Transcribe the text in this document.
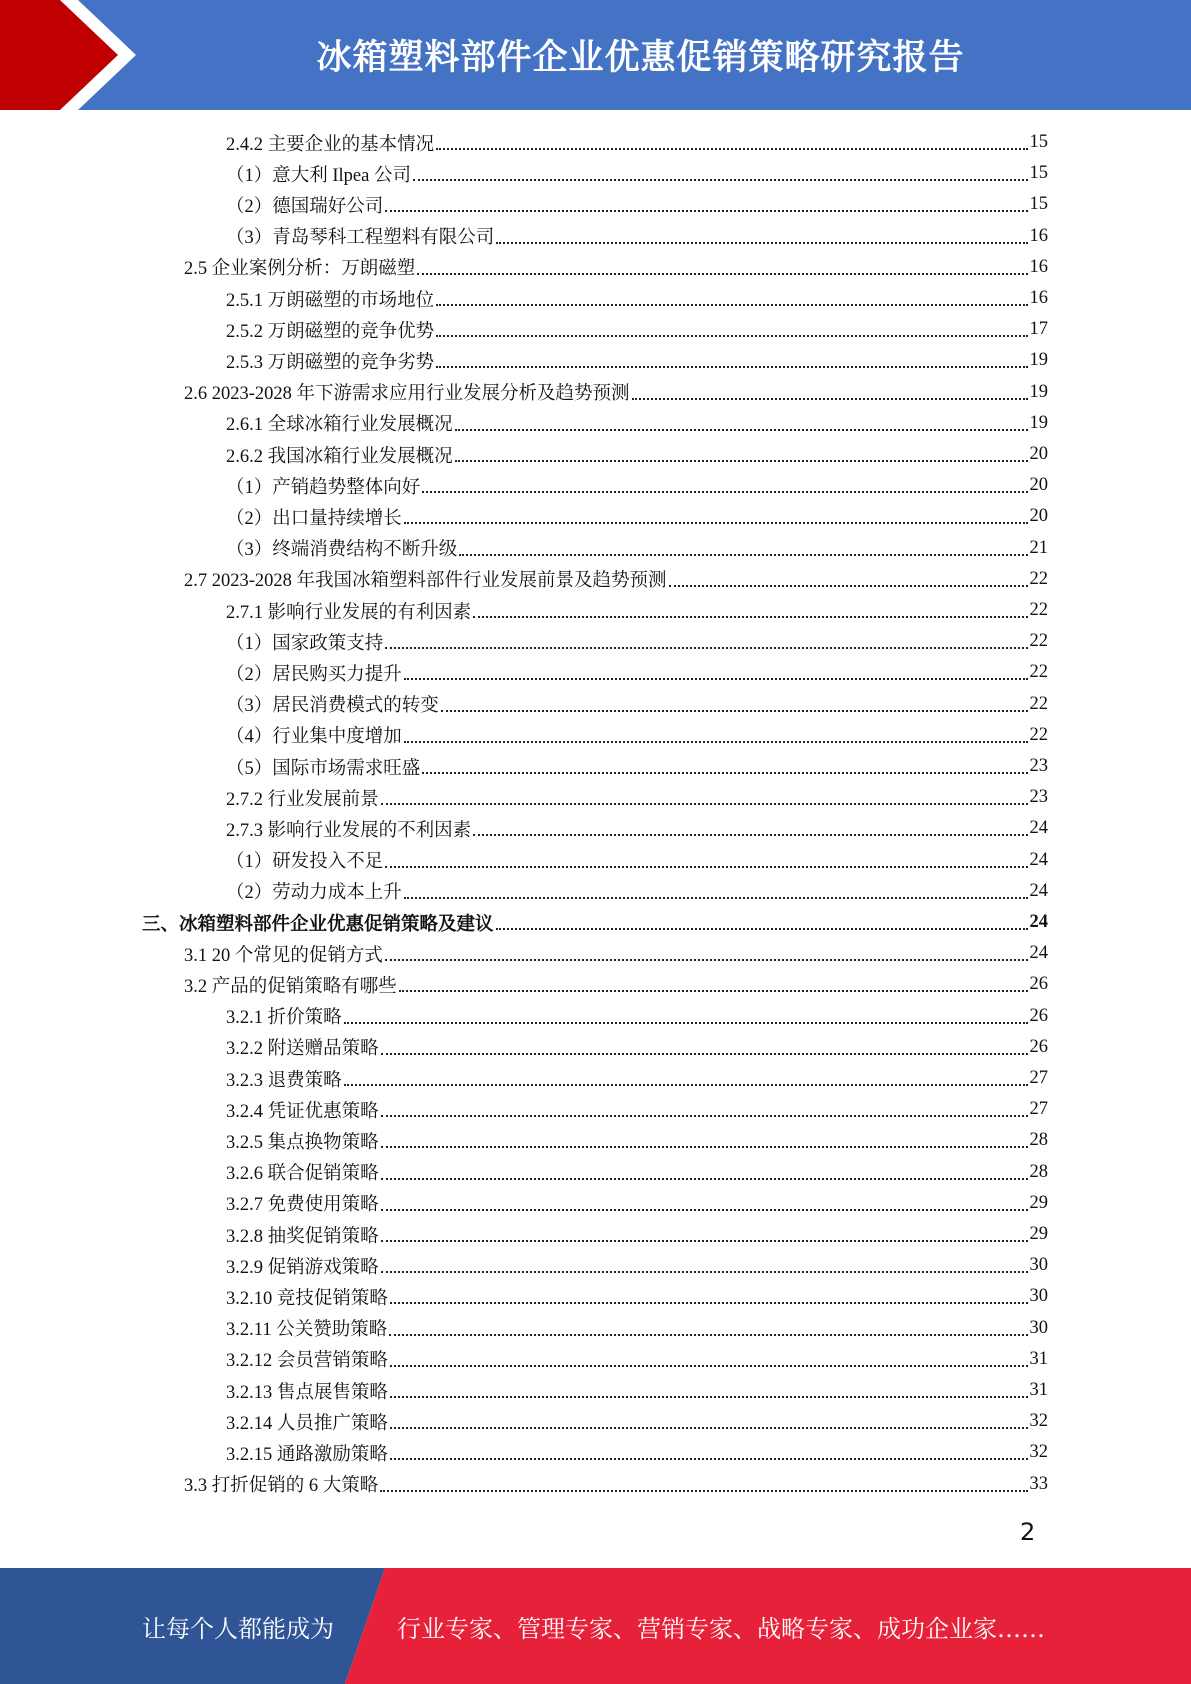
冰箱塑料部件企业优惠促销策略研究报告
2.4.2 主要企业的基本情况	15
（1）意大利 Ilpea 公司	15
（2）德国瑞好公司	15
（3）青岛琴科工程塑料有限公司	16
2.5 企业案例分析：万朗磁塑	16
2.5.1 万朗磁塑的市场地位	16
2.5.2 万朗磁塑的竞争优势	17
2.5.3 万朗磁塑的竞争劣势	19
2.6 2023-2028 年下游需求应用行业发展分析及趋势预测	19
2.6.1 全球冰箱行业发展概况	19
2.6.2 我国冰箱行业发展概况	20
（1）产销趋势整体向好	20
（2）出口量持续增长	20
（3）终端消费结构不断升级	21
2.7 2023-2028 年我国冰箱塑料部件行业发展前景及趋势预测	22
2.7.1 影响行业发展的有利因素	22
（1）国家政策支持	22
（2）居民购买力提升	22
（3）居民消费模式的转变	22
（4）行业集中度增加	22
（5）国际市场需求旺盛	23
2.7.2 行业发展前景	23
2.7.3 影响行业发展的不利因素	24
（1）研发投入不足	24
（2）劳动力成本上升	24
三、冰箱塑料部件企业优惠促销策略及建议	24
3.1 20 个常见的促销方式	24
3.2 产品的促销策略有哪些	26
3.2.1 折价策略	26
3.2.2 附送赠品策略	26
3.2.3 退费策略	27
3.2.4 凭证优惠策略	27
3.2.5 集点换物策略	28
3.2.6 联合促销策略	28
3.2.7 免费使用策略	29
3.2.8 抽奖促销策略	29
3.2.9 促销游戏策略	30
3.2.10 竞技促销策略	30
3.2.11 公关赞助策略	30
3.2.12 会员营销策略	31
3.2.13 售点展售策略	31
3.2.14 人员推广策略	32
3.2.15 通路激励策略	32
3.3 打折促销的 6 大策略	33
2
让每个人都能成为	行业专家、管理专家、营销专家、战略专家、成功企业家……
